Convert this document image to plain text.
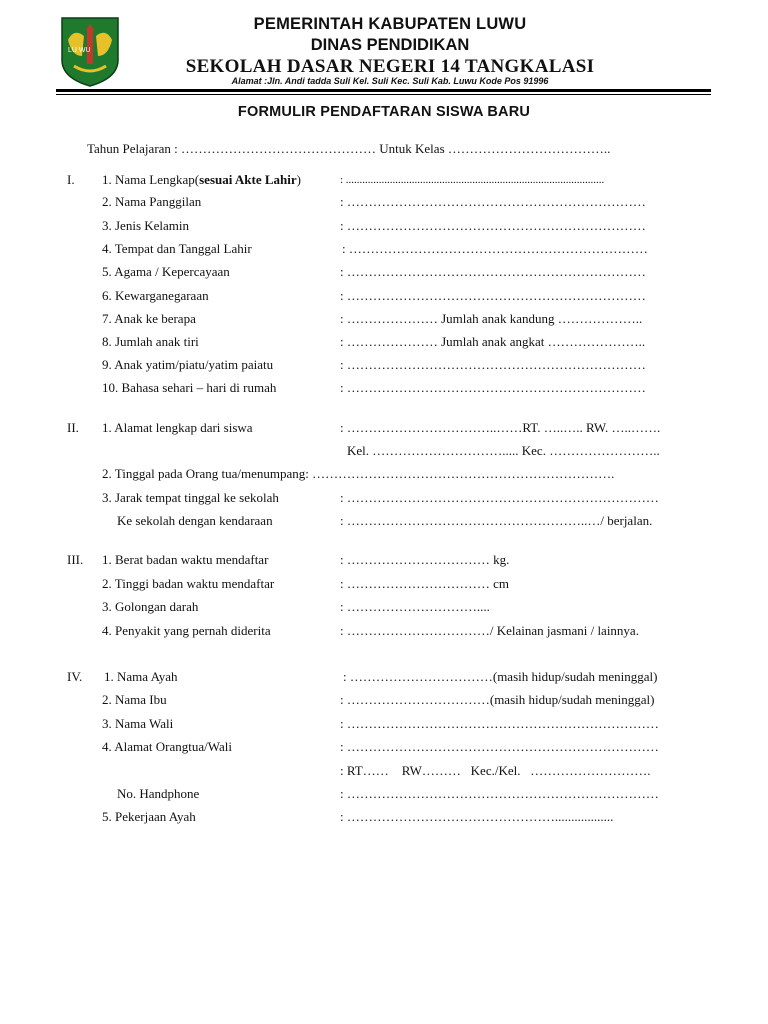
LU WU
PEMERINTAH KABUPATEN LUWU
DINAS PENDIDIKAN
SEKOLAH DASAR NEGERI 14 TANGKALASI
Alamat :Jln. Andi tadda Suli Kel. Suli Kec. Suli Kab. Luwu Kode Pos 91996
FORMULIR PENDAFTARAN SISWA BARU
Tahun Pelajaran : ……………………………………… Untuk Kelas ………………………………..
I. 1. Nama Lengkap(sesuai Akte Lahir)	: ..............................................................................................
2. Nama Panggilan	: ……………………………………………………………
3. Jenis Kelamin	: ……………………………………………………………
4. Tempat dan Tanggal Lahir	: ……………………………………………………………
5. Agama / Kepercayaan	: ……………………………………………………………
6. Kewarganegaraan	: ……………………………………………………………
7. Anak ke berapa	: ………………… Jumlah anak kandung ………………..
8. Jumlah anak tiri	: ………………… Jumlah anak angkat …………………..
9. Anak yatim/piatu/yatim paiatu	: ……………………………………………………………
10. Bahasa sehari – hari di rumah	: ……………………………………………………………
II. 1. Alamat lengkap dari siswa	: ……………………………..……RT. …..….. RW. …..…….
Kel. …………………………..... Kec. ……………………..
2. Tinggal pada Orang tua/menumpang: …………………………………………………………….
3. Jarak tempat tinggal ke sekolah	: ………………………………………………………………
Ke sekolah dengan kendaraan	: ………………………………………………..…/ berjalan.
III. 1. Berat badan waktu mendaftar	: …………………………… kg.
2. Tinggi badan waktu mendaftar	: …………………………… cm
3. Golongan darah	: …………………………....
4. Penyakit yang pernah diderita	: ……………………………/ Kelainan jasmani / lainnya.
IV. 1. Nama Ayah	: ……………………………(masih hidup/sudah meninggal)
2. Nama Ibu	: ……………………………(masih hidup/sudah meninggal)
3. Nama Wali	: ………………………………………………………………
4. Alamat Orangtua/Wali	: ………………………………………………………………
: RT……    RW………   Kec./Kel.   ……………………….
No. Handphone	: ………………………………………………………………
5. Pekerjaan Ayah	: …………………………………………..................
